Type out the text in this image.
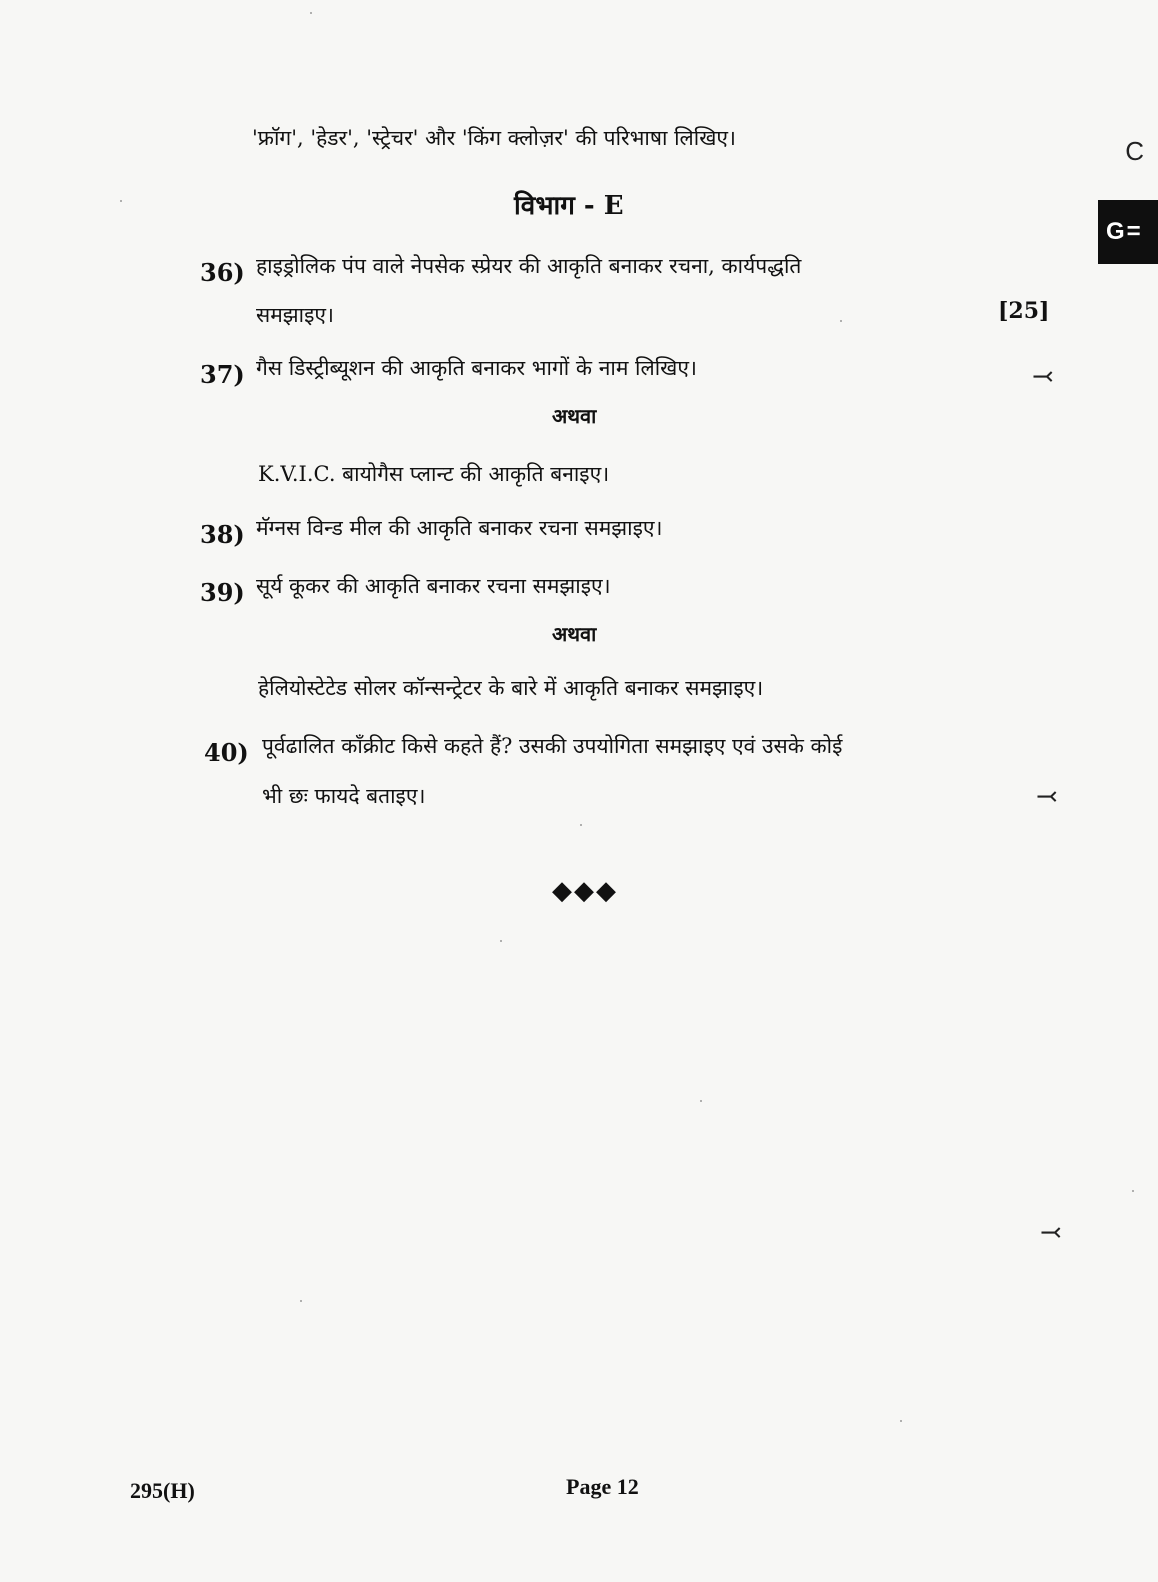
'फ्रॉग', 'हेडर', 'स्ट्रेचर' और 'किंग क्लोज़र' की परिभाषा लिखिए।
विभाग - E
36) हाइड्रोलिक पंप वाले नेपसेक स्प्रेयर की आकृति बनाकर रचना, कार्यपद्धति
समझाइए।	[25]
37) गैस डिस्ट्रीब्यूशन की आकृति बनाकर भागों के नाम लिखिए।
अथवा
K.V.I.C. बायोगैस प्लान्ट की आकृति बनाइए।
38) मॅग्नस विन्ड मील की आकृति बनाकर रचना समझाइए।
39) सूर्य कूकर की आकृति बनाकर रचना समझाइए।
अथवा
हेलियोस्टेटेड सोलर कॉन्सन्ट्रेटर के बारे में आकृति बनाकर समझाइए।
40) पूर्वढालित काँक्रीट किसे कहते हैं? उसकी उपयोगिता समझाइए एवं उसके कोई
भी छः फायदे बताइए।
◆◆◆
295(H)	Page 12
C
G =
⤙
⤙
⤙
